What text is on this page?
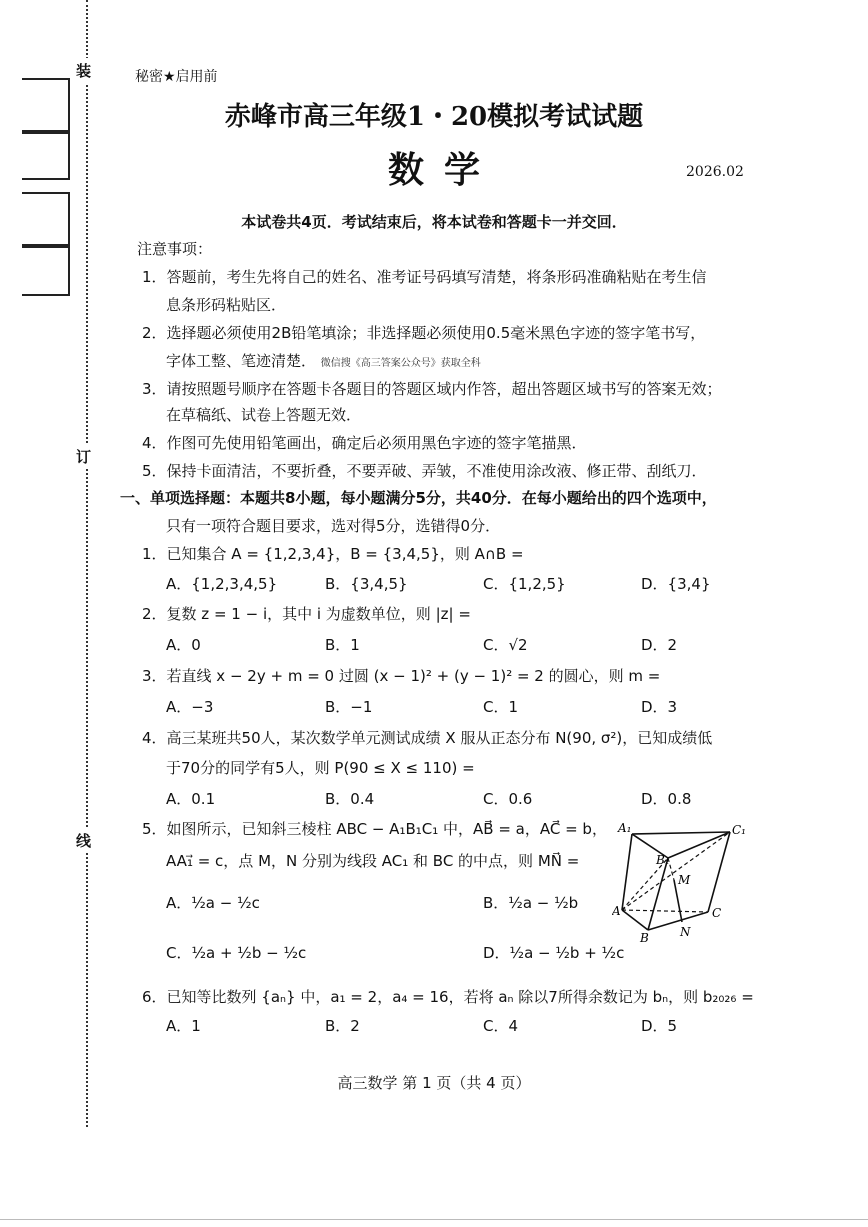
装
订
线
秘密★启用前
赤峰市高三年级1・20模拟考试试题
数学	2026.02
本试卷共4页．考试结束后，将本试卷和答题卡一并交回．
注意事项：
1．答题前，考生先将自己的姓名、准考证号码填写清楚，将条形码准确粘贴在考生信
息条形码粘贴区．
2．选择题必须使用2B铅笔填涂；非选择题必须使用0.5毫米黑色字迹的签字笔书写，
字体工整、笔迹清楚． 微信搜《高三答案公众号》获取全科
3．请按照题号顺序在答题卡各题目的答题区域内作答，超出答题区域书写的答案无效；
在草稿纸、试卷上答题无效．
4．作图可先使用铅笔画出，确定后必须用黑色字迹的签字笔描黑．
5．保持卡面清洁，不要折叠，不要弄破、弄皱，不准使用涂改液、修正带、刮纸刀．
一、单项选择题：本题共8小题，每小题满分5分，共40分．在每小题给出的四个选项中，
只有一项符合题目要求，选对得5分，选错得0分．
1．已知集合 A = {1,2,3,4}，B = {3,4,5}，则 A∩B =
A．{1,2,3,4,5}	B．{3,4,5}	C．{1,2,5}	D．{3,4}
2．复数 z = 1 − i，其中 i 为虚数单位，则 |z| =
A．0	B．1	C．√2	D．2
3．若直线 x − 2y + m = 0 过圆 (x − 1)² + (y − 1)² = 2 的圆心，则 m =
A．−3	B．−1	C．1	D．3
4．高三某班共50人，某次数学单元测试成绩 X 服从正态分布 N(90, σ²)，已知成绩低
于70分的同学有5人，则 P(90 ≤ X ≤ 110) =
A．0.1	B．0.4	C．0.6	D．0.8
5．如图所示，已知斜三棱柱 ABC − A₁B₁C₁ 中，AB⃗ = a，AC⃗ = b，
AA₁⃗ = c，点 M，N 分别为线段 AC₁ 和 BC 的中点，则 MN⃗ =
A．½a − ½c	B．½a − ½b
C．½a + ½b − ½c	D．½a − ½b + ½c
A₁	C₁
B₁
M
A	C
B	N
6．已知等比数列 {aₙ} 中，a₁ = 2，a₄ = 16，若将 aₙ 除以7所得余数记为 bₙ，则 b₂₀₂₆ =
A．1	B．2	C．4	D．5
高三数学 第 1 页（共 4 页）
